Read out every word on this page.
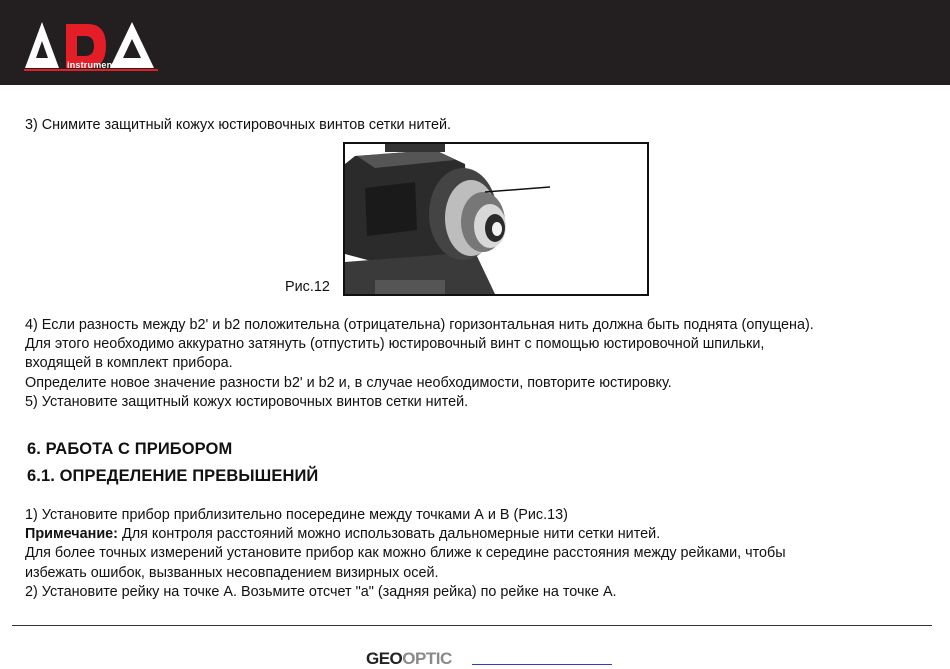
instruments

3) Снимите защитный кожух юстировочных винтов сетки нитей.

Рис.12

4) Если разность между b2' и b2 положительна (отрицательна) горизонтальная нить должна быть поднята (опущена).

Для этого необходимо аккуратно затянуть (отпустить) юстировочный винт с помощью юстировочной шпильки,

входящей в комплект прибора.

Определите новое значение разности b2' и b2 и, в случае необходимости, повторите юстировку.

5) Установите защитный кожух юстировочных винтов сетки нитей.

6. РАБОТА С ПРИБОРОМ
6.1. ОПРЕДЕЛЕНИЕ ПРЕВЫШЕНИЙ

1) Установите прибор приблизительно посередине между точками А и В (Рис.13)

Примечание: Для контроля расстояний можно использовать дальномерные нити сетки нитей.

Для более точных измерений установите прибор как можно ближе к середине расстояния между рейками, чтобы

избежать ошибок, вызванных несовпадением визирных осей.

2) Установите рейку на точке А. Возьмите отсчет "а" (задняя рейка) по рейке на точке А.

GEOOPTIC
